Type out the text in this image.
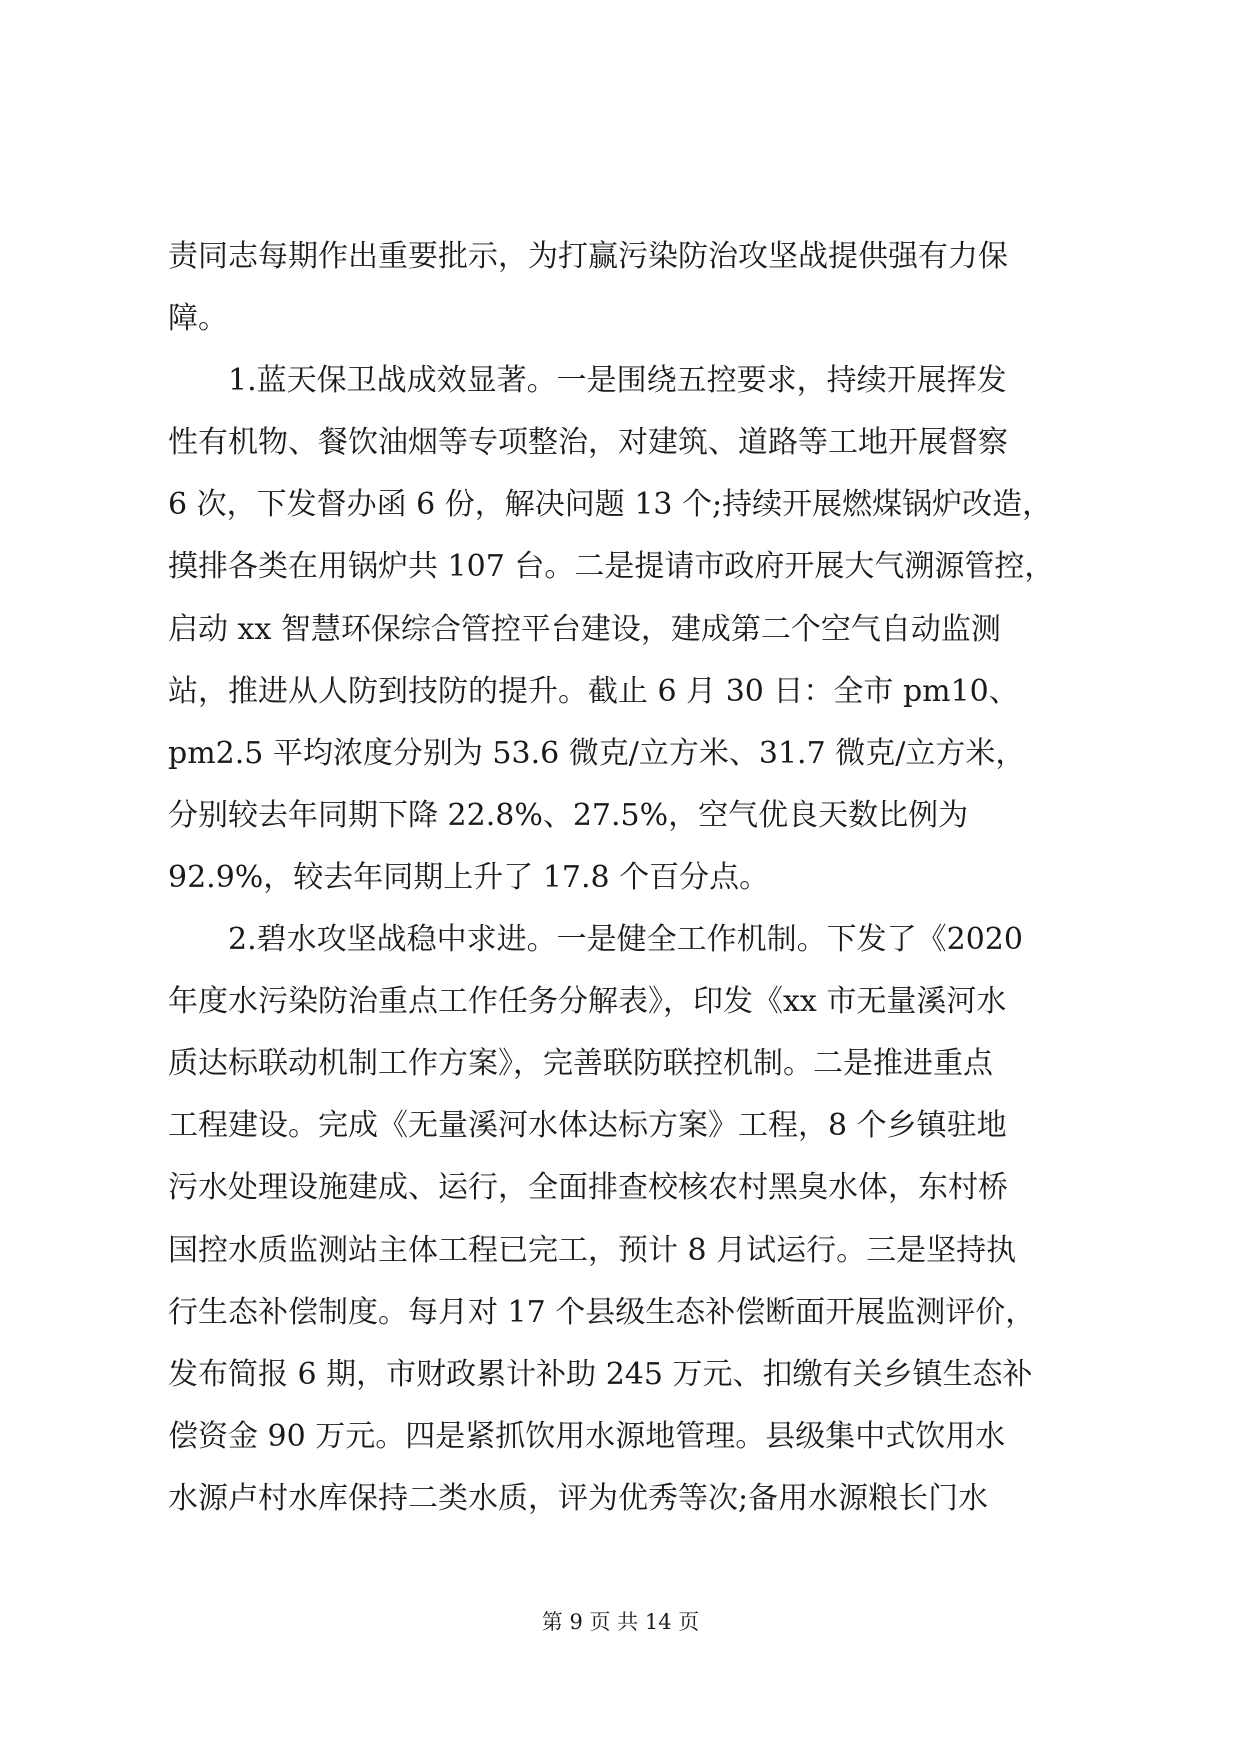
责同志每期作出重要批示，为打赢污染防治攻坚战提供强有力保
障。
　　1.蓝天保卫战成效显著。一是围绕五控要求，持续开展挥发
性有机物、餐饮油烟等专项整治，对建筑、道路等工地开展督察
6 次，下发督办函 6 份，解决问题 13 个;持续开展燃煤锅炉改造，
摸排各类在用锅炉共 107 台。二是提请市政府开展大气溯源管控，
启动 xx 智慧环保综合管控平台建设，建成第二个空气自动监测
站，推进从人防到技防的提升。截止 6 月 30 日：全市 pm10、
pm2.5 平均浓度分别为 53.6 微克/立方米、31.7 微克/立方米，
分别较去年同期下降 22.8%、27.5%，空气优良天数比例为
92.9%，较去年同期上升了 17.8 个百分点。
　　2.碧水攻坚战稳中求进。一是健全工作机制。下发了《2020
年度水污染防治重点工作任务分解表》，印发《xx 市无量溪河水
质达标联动机制工作方案》，完善联防联控机制。二是推进重点
工程建设。完成《无量溪河水体达标方案》工程，8 个乡镇驻地
污水处理设施建成、运行，全面排查校核农村黑臭水体，东村桥
国控水质监测站主体工程已完工，预计 8 月试运行。三是坚持执
行生态补偿制度。每月对 17 个县级生态补偿断面开展监测评价，
发布简报 6 期，市财政累计补助 245 万元、扣缴有关乡镇生态补
偿资金 90 万元。四是紧抓饮用水源地管理。县级集中式饮用水
水源卢村水库保持二类水质，评为优秀等次;备用水源粮长门水
第 9 页 共 14 页
